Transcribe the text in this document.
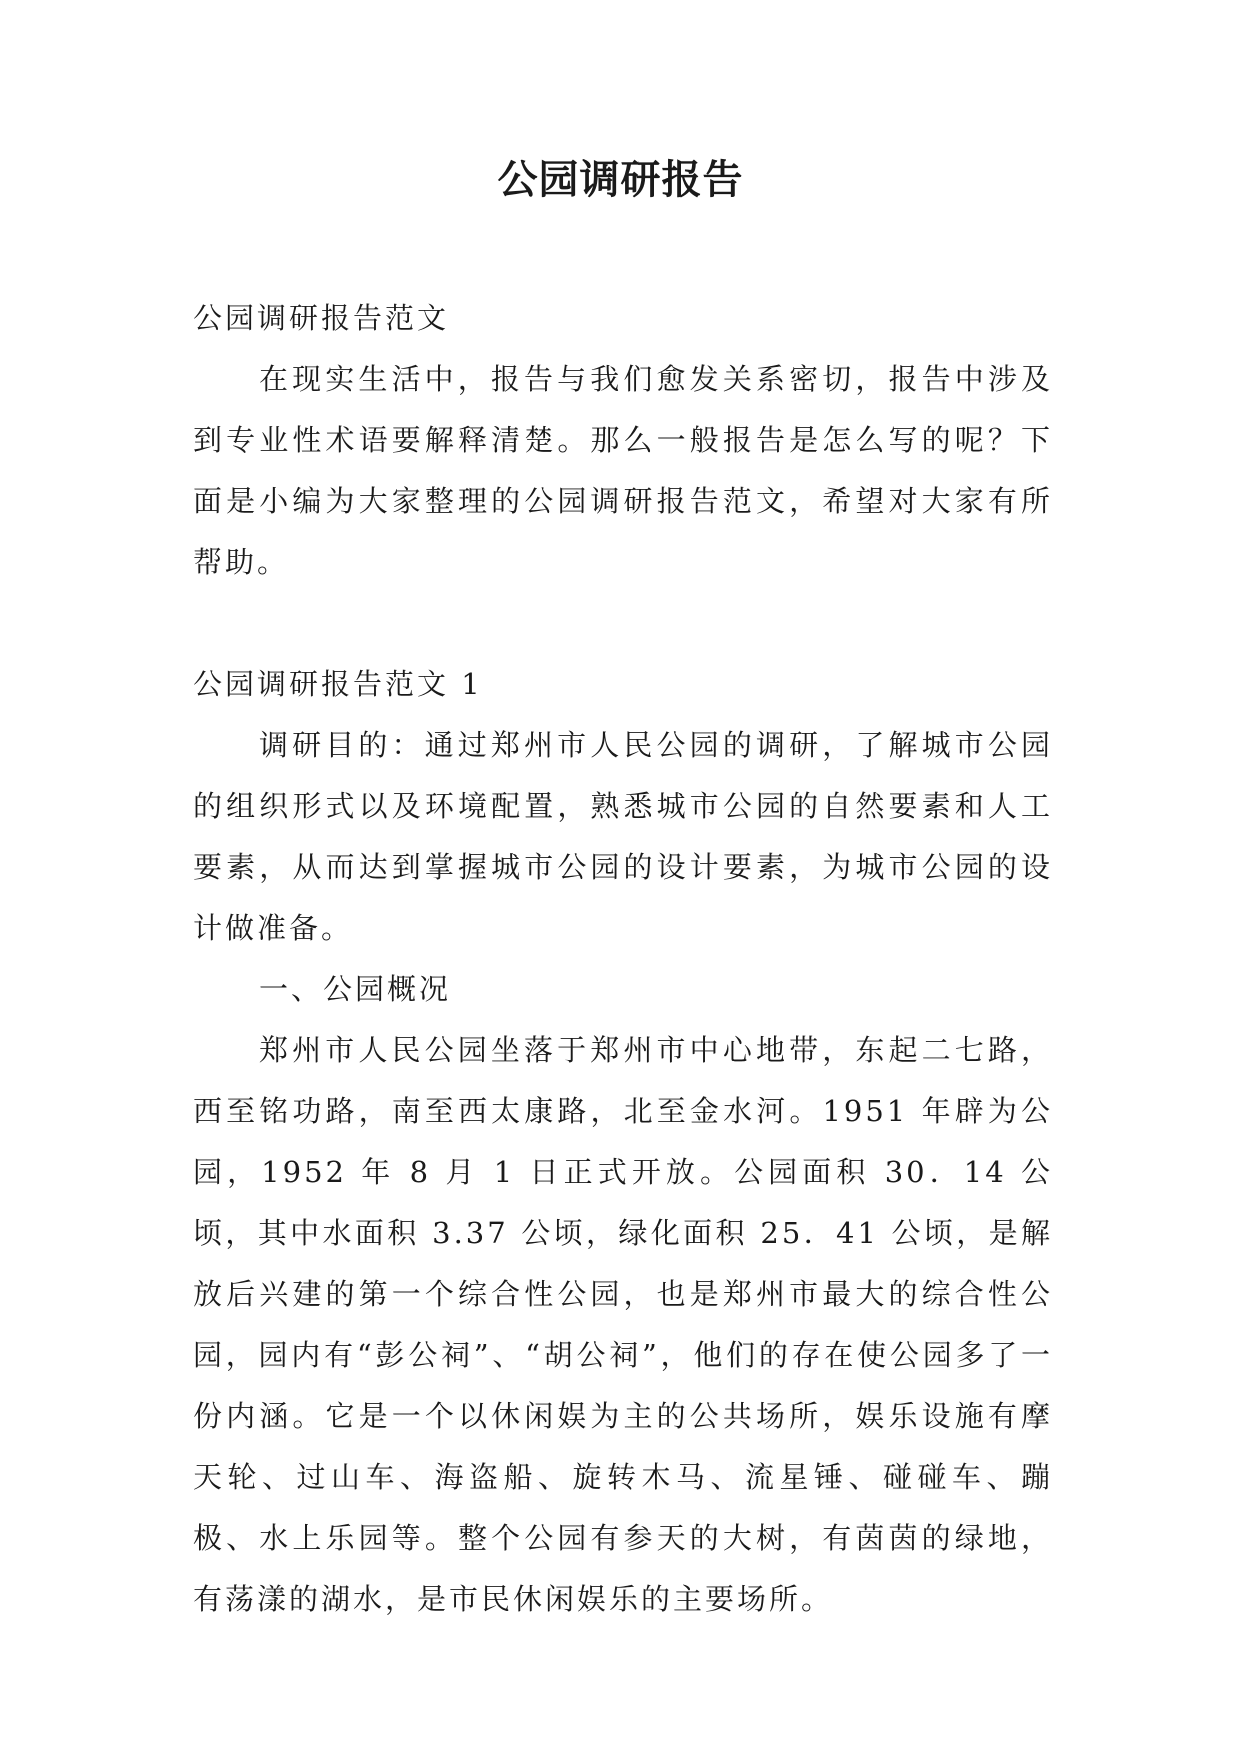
公园调研报告

公园调研报告范文

在现实生活中，报告与我们愈发关系密切，报告中涉及到专业性术语要解释清楚。那么一般报告是怎么写的呢？下面是小编为大家整理的公园调研报告范文，希望对大家有所帮助。

公园调研报告范文 1

调研目的：通过郑州市人民公园的调研，了解城市公园的组织形式以及环境配置，熟悉城市公园的自然要素和人工要素，从而达到掌握城市公园的设计要素，为城市公园的设计做准备。

一、公园概况

郑州市人民公园坐落于郑州市中心地带，东起二七路，西至铭功路，南至西太康路，北至金水河。1951 年辟为公园，1952 年 8 月 1 日正式开放。公园面积 30．14 公顷，其中水面积 3.37 公顷，绿化面积 25．41 公顷，是解放后兴建的第一个综合性公园，也是郑州市最大的综合性公园，园内有“彭公祠”、“胡公祠”，他们的存在使公园多了一份内涵。它是一个以休闲娱为主的公共场所，娱乐设施有摩天轮、过山车、海盗船、旋转木马、流星锤、碰碰车、蹦极、水上乐园等。整个公园有参天的大树，有茵茵的绿地，有荡漾的湖水，是市民休闲娱乐的主要场所。
